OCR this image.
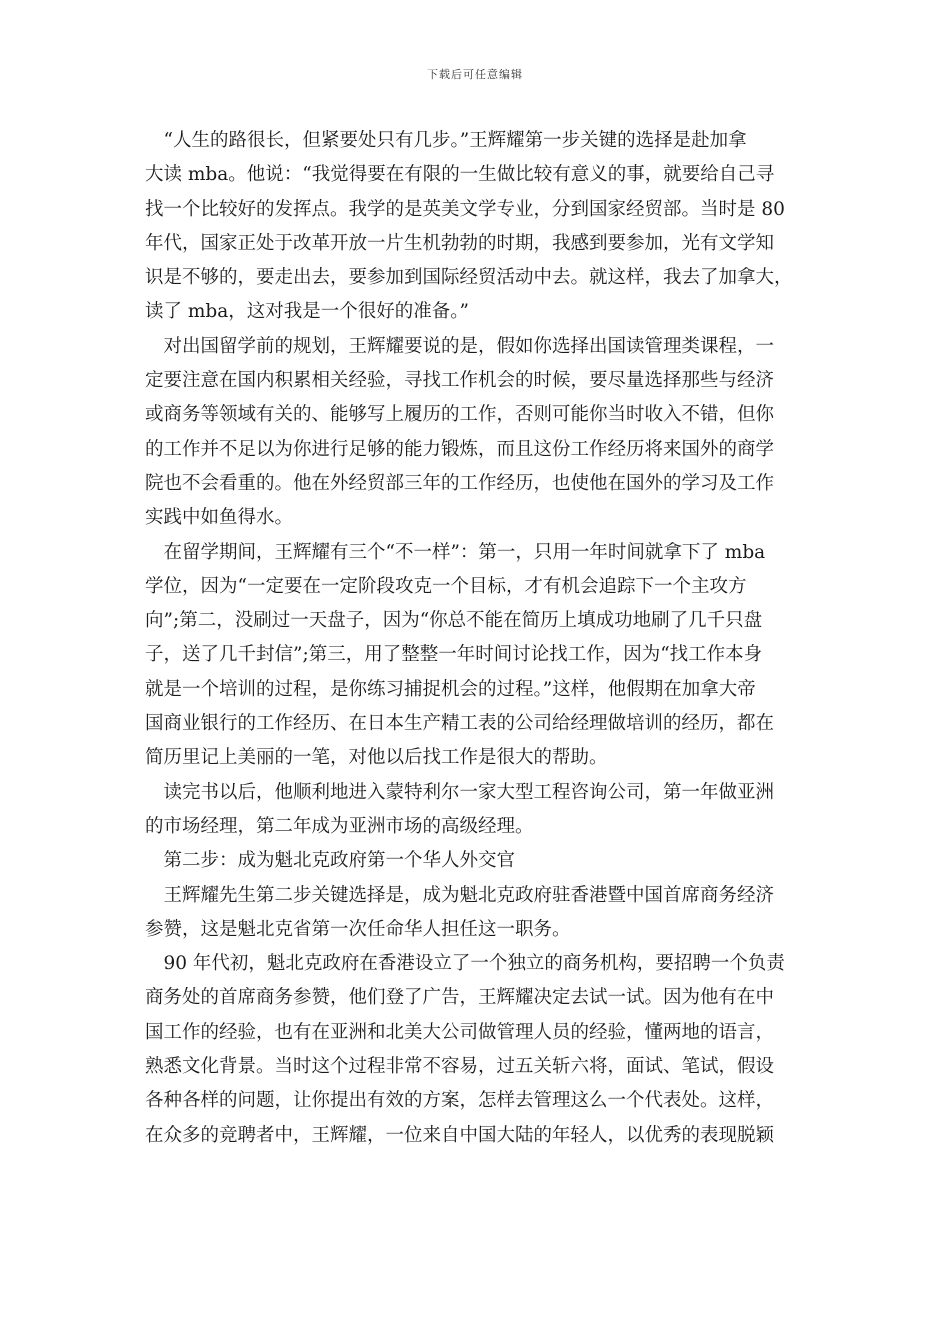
下载后可任意编辑
　“人生的路很长，但紧要处只有几步。”王辉耀第一步关键的选择是赴加拿
大读 mba。他说：“我觉得要在有限的一生做比较有意义的事，就要给自己寻
找一个比较好的发挥点。我学的是英美文学专业，分到国家经贸部。当时是 80
年代，国家正处于改革开放一片生机勃勃的时期，我感到要参加，光有文学知
识是不够的，要走出去，要参加到国际经贸活动中去。就这样，我去了加拿大，
读了 mba，这对我是一个很好的准备。”
　对出国留学前的规划，王辉耀要说的是，假如你选择出国读管理类课程，一
定要注意在国内积累相关经验，寻找工作机会的时候，要尽量选择那些与经济
或商务等领域有关的、能够写上履历的工作，否则可能你当时收入不错，但你
的工作并不足以为你进行足够的能力锻炼，而且这份工作经历将来国外的商学
院也不会看重的。他在外经贸部三年的工作经历，也使他在国外的学习及工作
实践中如鱼得水。
　在留学期间，王辉耀有三个“不一样”：第一，只用一年时间就拿下了 mba
学位，因为“一定要在一定阶段攻克一个目标，才有机会追踪下一个主攻方
向”;第二，没刷过一天盘子，因为“你总不能在简历上填成功地刷了几千只盘
子，送了几千封信”;第三，用了整整一年时间讨论找工作，因为“找工作本身
就是一个培训的过程，是你练习捕捉机会的过程。”这样，他假期在加拿大帝
国商业银行的工作经历、在日本生产精工表的公司给经理做培训的经历，都在
简历里记上美丽的一笔，对他以后找工作是很大的帮助。
　读完书以后，他顺利地进入蒙特利尔一家大型工程咨询公司，第一年做亚洲
的市场经理，第二年成为亚洲市场的高级经理。
　第二步：成为魁北克政府第一个华人外交官
　王辉耀先生第二步关键选择是，成为魁北克政府驻香港暨中国首席商务经济
参赞，这是魁北克省第一次任命华人担任这一职务。
　90 年代初，魁北克政府在香港设立了一个独立的商务机构，要招聘一个负责
商务处的首席商务参赞，他们登了广告，王辉耀决定去试一试。因为他有在中
国工作的经验，也有在亚洲和北美大公司做管理人员的经验，懂两地的语言，
熟悉文化背景。当时这个过程非常不容易，过五关斩六将，面试、笔试，假设
各种各样的问题，让你提出有效的方案，怎样去管理这么一个代表处。这样，
在众多的竞聘者中，王辉耀，一位来自中国大陆的年轻人，以优秀的表现脱颖
